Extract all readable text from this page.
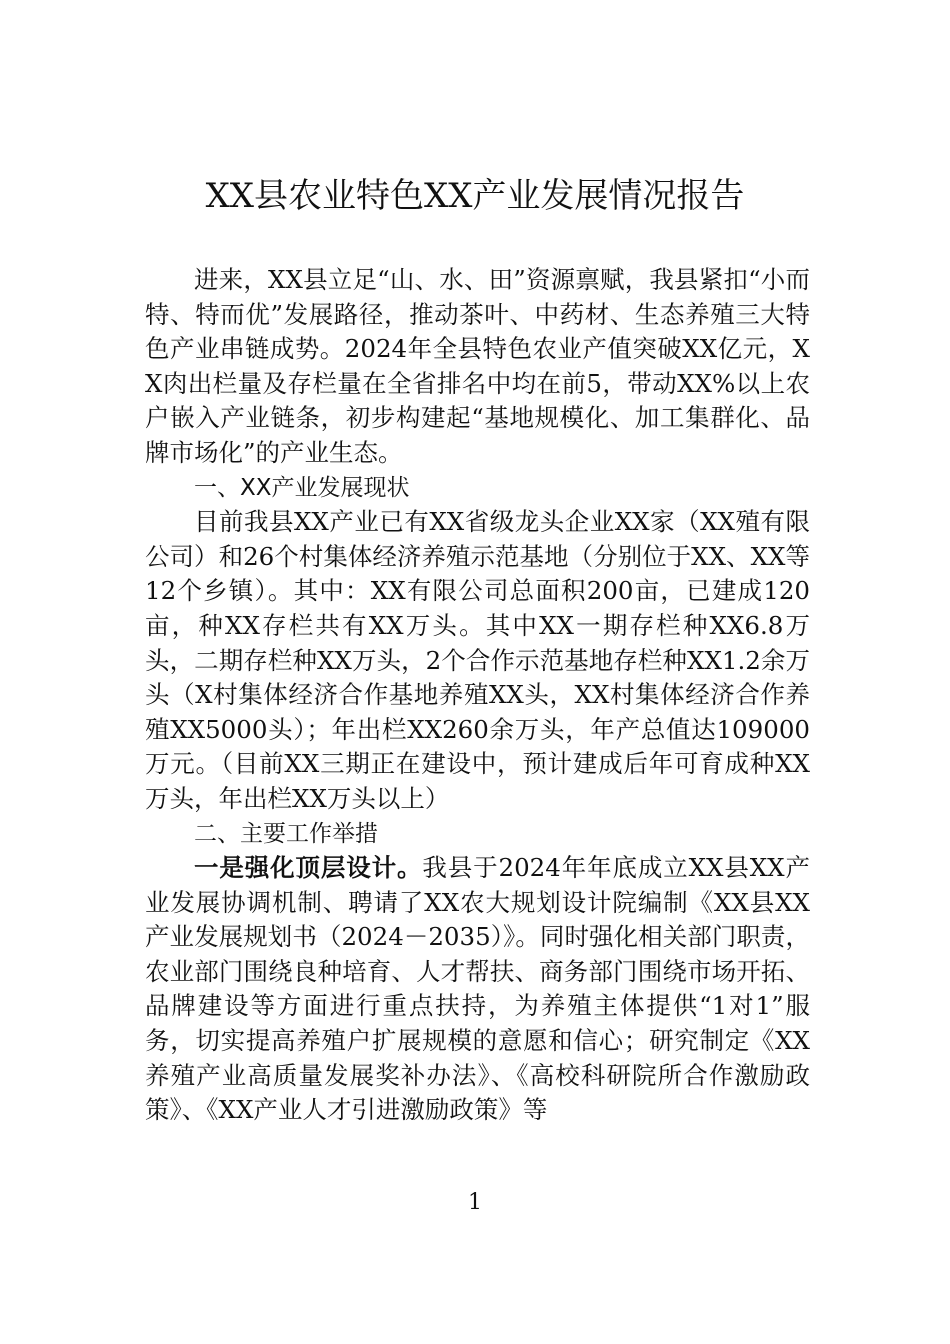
XX县农业特色XX产业发展情况报告

进来，XX县立足“山、水、田”资源禀赋，我县紧扣“小而特、特而优”发展路径，推动茶叶、中药材、生态养殖三大特色产业串链成势。2024年全县特色农业产值突破XX亿元，XX肉出栏量及存栏量在全省排名中均在前5，带动XX%以上农户嵌入产业链条，初步构建起“基地规模化、加工集群化、品牌市场化”的产业生态。

一、XX产业发展现状

目前我县XX产业已有XX省级龙头企业XX家（XX殖有限公司）和26个村集体经济养殖示范基地（分别位于XX、XX等12个乡镇）。其中：XX有限公司总面积200亩，已建成120亩，种XX存栏共有XX万头。其中XX一期存栏种XX6.8万头，二期存栏种XX万头，2个合作示范基地存栏种XX1.2余万头（X村集体经济合作基地养殖XX头，XX村集体经济合作养殖XX5000头）；年出栏XX260余万头，年产总值达109000万元。（目前XX三期正在建设中，预计建成后年可育成种XX万头，年出栏XX万头以上）

二、主要工作举措

一是强化顶层设计。我县于2024年年底成立XX县XX产业发展协调机制、聘请了XX农大规划设计院编制《XX县XX产业发展规划书（2024－2035）》。同时强化相关部门职责，农业部门围绕良种培育、人才帮扶、商务部门围绕市场开拓、品牌建设等方面进行重点扶持，为养殖主体提供“1对1”服务，切实提高养殖户扩展规模的意愿和信心；研究制定《XX养殖产业高质量发展奖补办法》、《高校科研院所合作激励政策》、《XX产业人才引进激励政策》等

1
